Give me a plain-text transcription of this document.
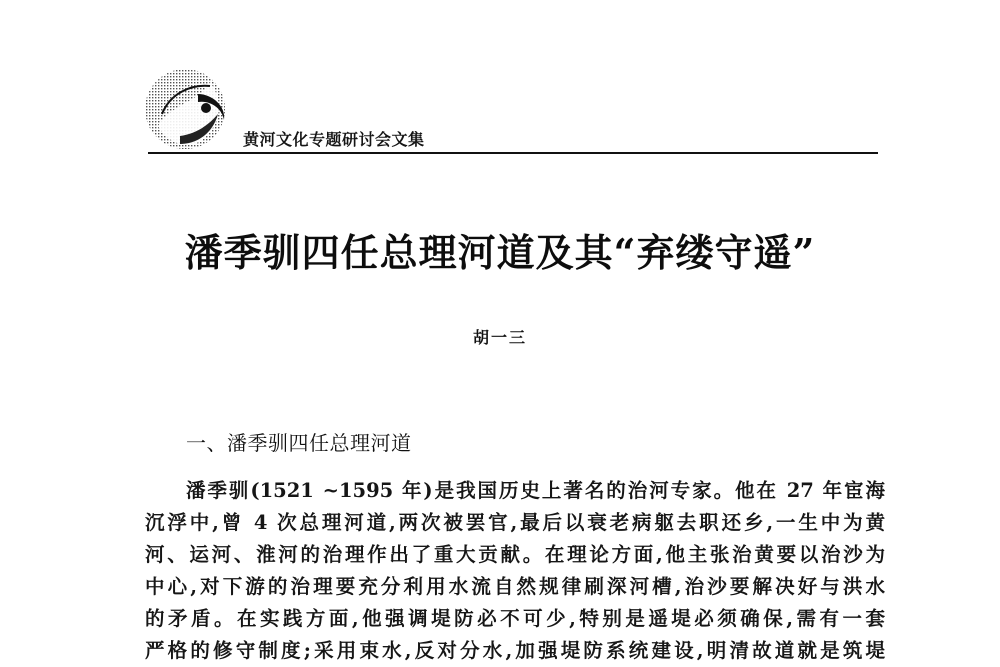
黄河文化专题研讨会文集
潘季驯四任总理河道及其“弃缕守遥”
胡一三
一、潘季驯四任总理河道
潘季驯(1521 ~1595 年)是我国历史上著名的治河专家。他在 27 年宦海
沉浮中,曾 4 次总理河道,两次被罢官,最后以衰老病躯去职还乡,一生中为黄
河、运河、淮河的治理作出了重大贡献。在理论方面,他主张治黄要以治沙为
中心,对下游的治理要充分利用水流自然规律刷深河槽,治沙要解决好与洪水
的矛盾。在实践方面,他强调堤防必不可少,特别是遥堤必须确保,需有一套
严格的修守制度;采用束水,反对分水,加强堤防系统建设,明清故道就是筑堤
